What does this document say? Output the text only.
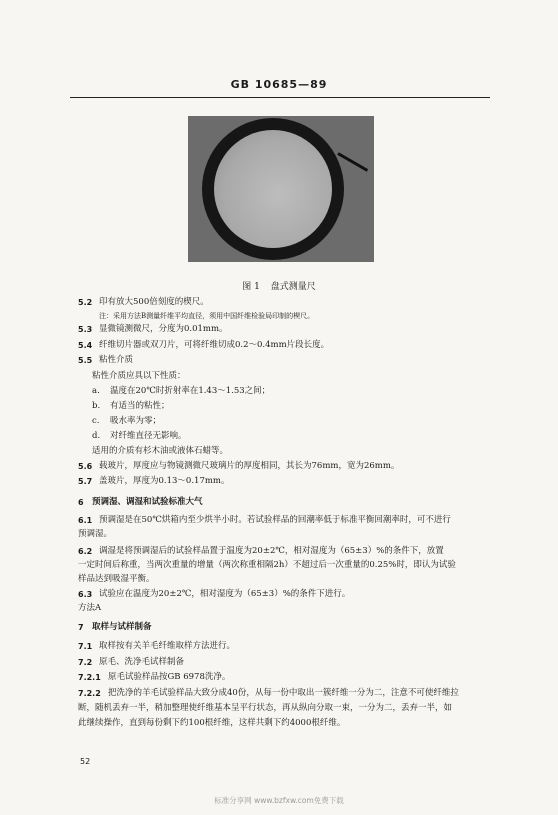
GB 10685—89
图 1 盘式测量尺
5.2 印有放大500倍刻度的楔尺。
注：采用方法B测量纤维平均直径，须用中国纤维检验局印制的楔尺。
5.3 显微镜测微尺，分度为0.01mm。
5.4 纤维切片器或双刀片，可将纤维切成0.2～0.4mm片段长度。
5.5 粘性介质
粘性介质应具以下性质：
a. 温度在20℃时折射率在1.43～1.53之间；
b. 有适当的粘性；
c. 吸水率为零；
d. 对纤维直径无影响。
适用的介质有杉木油或液体石蜡等。
5.6 载玻片，厚度应与物镜测微尺玻璃片的厚度相同，其长为76mm，宽为26mm。
5.7 盖玻片，厚度为0.13～0.17mm。
6 预调湿、调湿和试验标准大气
6.1 预调湿是在50℃烘箱内至少烘半小时。若试验样品的回潮率低于标准平衡回潮率时，可不进行
预调湿。
6.2 调湿是将预调湿后的试验样品置于温度为20±2℃，相对湿度为（65±3）%的条件下，放置
一定时间后称重，当两次重量的增量（两次称重相隔2h）不超过后一次重量的0.25%时，即认为试验
样品达到吸湿平衡。
6.3 试验应在温度为20±2℃，相对湿度为（65±3）%的条件下进行。
方法A
7 取样与试样制备
7.1 取样按有关羊毛纤维取样方法进行。
7.2 原毛、洗净毛试样制备
7.2.1 原毛试验样品按GB 6978洗净。
7.2.2 把洗净的羊毛试验样品大致分成40份，从每一份中取出一簇纤维一分为二，注意不可使纤维拉
断，随机丢弃一半，稍加整理使纤维基本呈平行状态，再从纵向分取一束，一分为二，丢弃一半，如
此继续操作，直到每份剩下约100根纤维，这样共剩下约4000根纤维。
52
标准分享网 www.bzfxw.com免费下载
